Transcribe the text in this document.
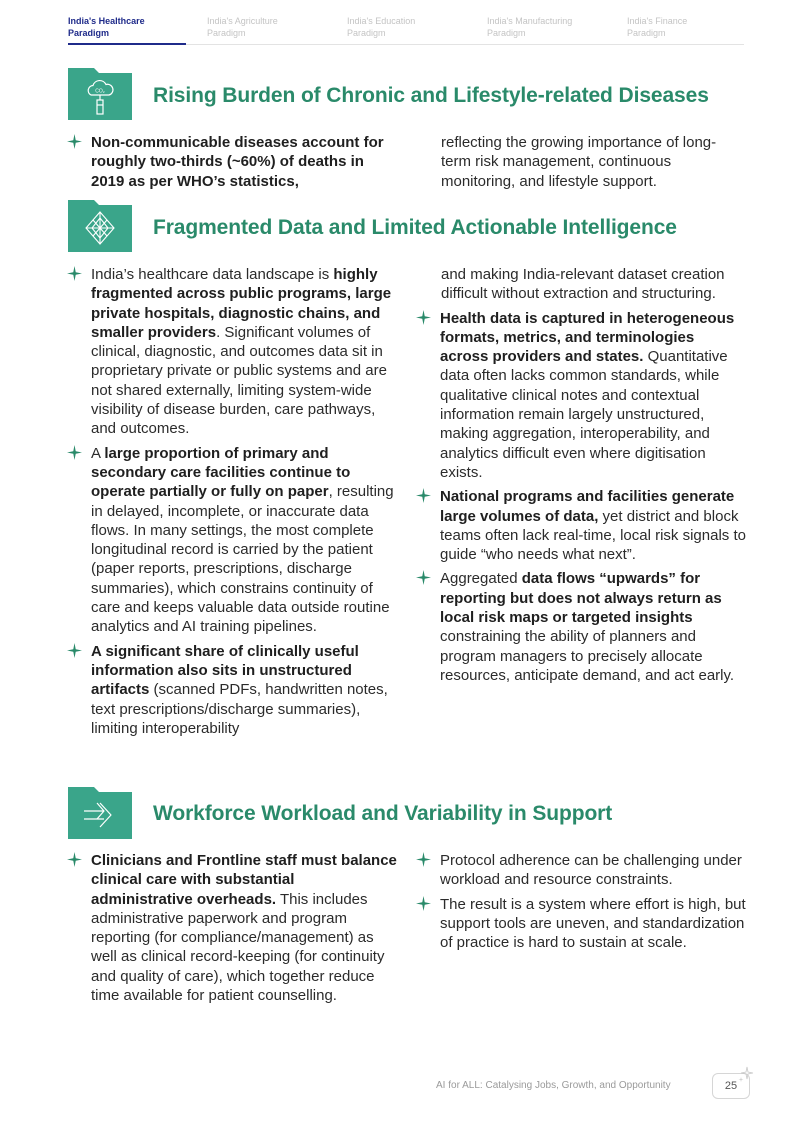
India's Healthcare
Paradigm
India's Agriculture
Paradigm
India's Education
Paradigm
India's Manufacturing
Paradigm
India's Finance
Paradigm
CO₂ Rising Burden of Chronic and Lifestyle-related Diseases
Non-communicable diseases account for roughly two-thirds (~60%) of deaths in 2019 as per WHO’s statistics,
reflecting the growing importance of long-term risk management, continuous monitoring, and lifestyle support.
Fragmented Data and Limited Actionable Intelligence
India’s healthcare data landscape is highly fragmented across public programs, large private hospitals, diagnostic chains, and smaller providers. Significant volumes of clinical, diagnostic, and outcomes data sit in proprietary private or public systems and are not shared externally, limiting system-wide visibility of disease burden, care pathways, and outcomes.
A large proportion of primary and secondary care facilities continue to operate partially or fully on paper, resulting in delayed, incomplete, or inaccurate data flows. In many settings, the most complete longitudinal record is carried by the patient (paper reports, prescriptions, discharge summaries), which constrains continuity of care and keeps valuable data outside routine analytics and AI training pipelines.
A significant share of clinically useful information also sits in unstructured artifacts (scanned PDFs, handwritten notes, text prescriptions/discharge summaries), limiting interoperability
and making India-relevant dataset creation difficult without extraction and structuring.
Health data is captured in heterogeneous formats, metrics, and terminologies across providers and states. Quantitative data often lacks common standards, while qualitative clinical notes and contextual information remain largely unstructured, making aggregation, interoperability, and analytics difficult even where digitisation exists.
National programs and facilities generate large volumes of data, yet district and block teams often lack real-time, local risk signals to guide “who needs what next”.
Aggregated data flows “upwards” for reporting but does not always return as local risk maps or targeted insights constraining the ability of planners and program managers to precisely allocate resources, anticipate demand, and act early.
Workforce Workload and Variability in Support
Clinicians and Frontline staff must balance clinical care with substantial administrative overheads. This includes administrative paperwork and program reporting (for compliance/management) as well as clinical record-keeping (for continuity and quality of care), which together reduce time available for patient counselling.
Protocol adherence can be challenging under workload and resource constraints.
The result is a system where effort is high, but support tools are uneven, and standardization of practice is hard to sustain at scale.
AI for ALL: Catalysing Jobs, Growth, and Opportunity	25
